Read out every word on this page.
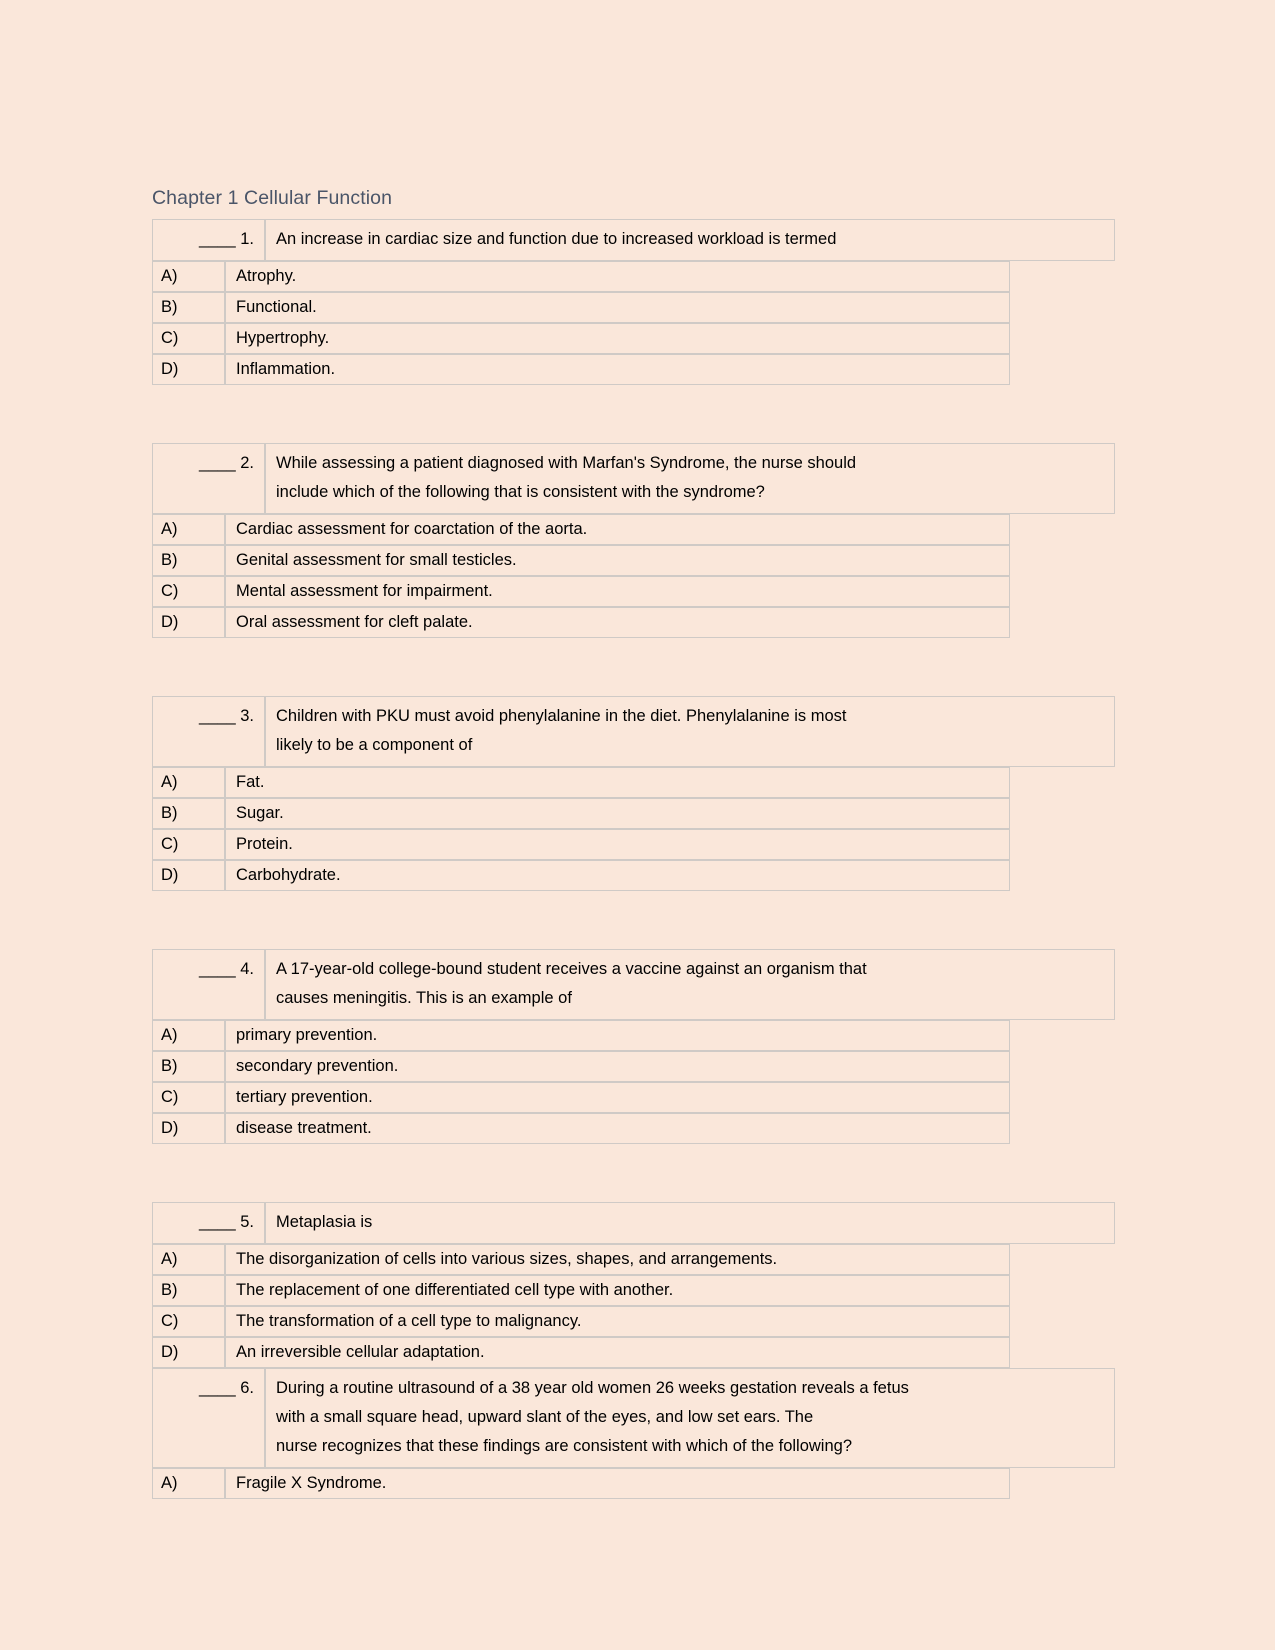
Chapter 1 Cellular Function
____ 1.	An increase in cardiac size and function due to increased workload is termed
A)	Atrophy.
B)	Functional.
C)	Hypertrophy.
D)	Inflammation.
____ 2.	While assessing a patient diagnosed with Marfan's Syndrome, the nurse should
include which of the following that is consistent with the syndrome?
A)	Cardiac assessment for coarctation of the aorta.
B)	Genital assessment for small testicles.
C)	Mental assessment for impairment.
D)	Oral assessment for cleft palate.
____ 3.	Children with PKU must avoid phenylalanine in the diet. Phenylalanine is most
likely to be a component of
A)	Fat.
B)	Sugar.
C)	Protein.
D)	Carbohydrate.
____ 4.	A 17-year-old college-bound student receives a vaccine against an organism that
causes meningitis. This is an example of
A)	primary prevention.
B)	secondary prevention.
C)	tertiary prevention.
D)	disease treatment.
____ 5.	Metaplasia is
A)	The disorganization of cells into various sizes, shapes, and arrangements.
B)	The replacement of one differentiated cell type with another.
C)	The transformation of a cell type to malignancy.
D)	An irreversible cellular adaptation.
____ 6.	During a routine ultrasound of a 38 year old women 26 weeks gestation reveals a fetus
with a small square head, upward slant of the eyes, and low set ears. The
nurse recognizes that these findings are consistent with which of the following?
A)	Fragile X Syndrome.
